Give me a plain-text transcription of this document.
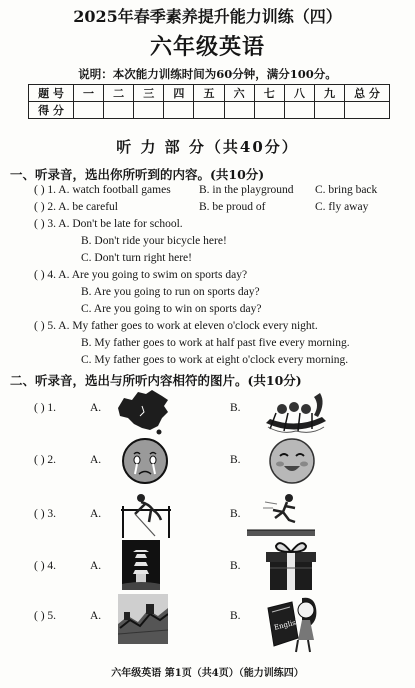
2025年春季素养提升能力训练（四）
六年级英语
说明：本次能力训练时间为60分钟，满分100分。
题 号	一	二	三	四	五	六	七	八	九	总 分
得 分										
听 力 部 分（共40分）
一、听录音，选出你所听到的内容。(共10分)
( ) 1. A. watch football games B. in the playground C. bring back
( ) 2. A. be careful	B. be proud of	C. fly away
( ) 3. A. Don't be late for school.
B. Don't ride your bicycle here!
C. Don't turn right here!
( ) 4. A. Are you going to swim on sports day?
B. Are you going to run on sports day?
C. Are you going to win on sports day?
( ) 5. A. My father goes to work at eleven o'clock every night.
B. My father goes to work at half past five every morning.
C. My father goes to work at eight o'clock every morning.
二、听录音，选出与所听内容相符的图片。(共10分)
( ) 1.	A.	B.
( ) 2.	A.	B.
( ) 3.	A.	B.
( ) 4.	A.	B.
( ) 5.	A.	B.
English
六年级英语 第1页（共4页）（能力训练四）
